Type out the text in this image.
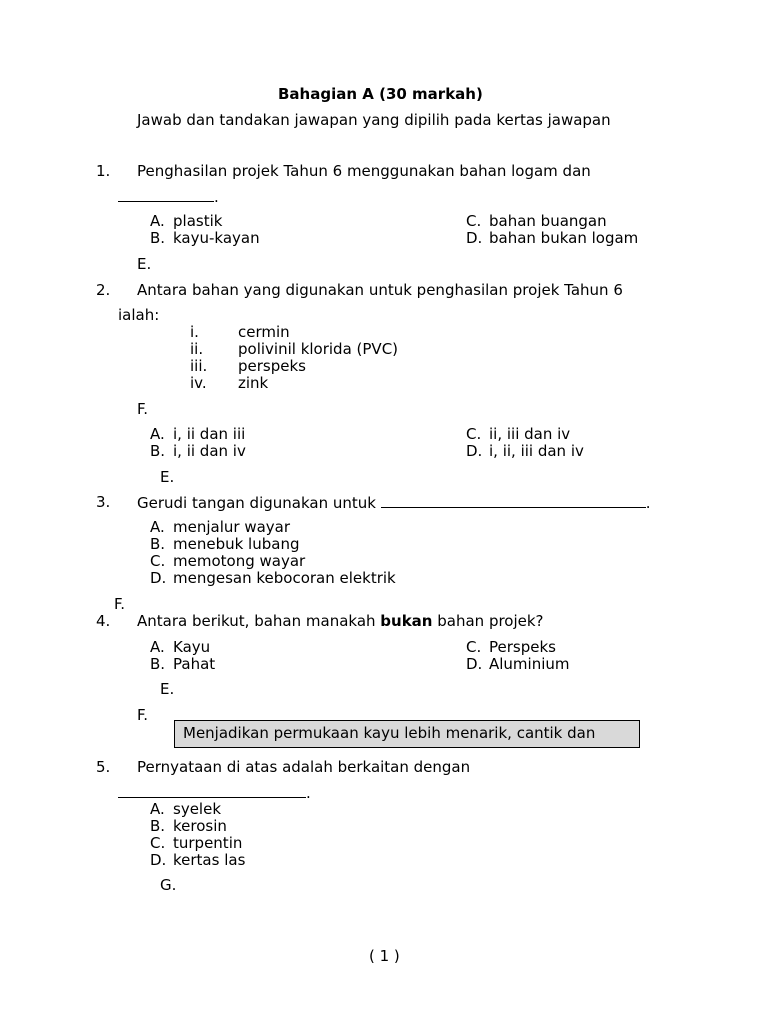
Bahagian A (30 markah)
Jawab dan tandakan jawapan yang dipilih pada kertas jawapan
1. Penghasilan projek Tahun 6 menggunakan bahan logam dan
.
A. plastik
B. kayu-kayan
C. bahan buangan
D. bahan bukan logam
E.
2. Antara bahan yang digunakan untuk penghasilan projek Tahun 6
ialah:
i.	cermin
ii. polivinil klorida (PVC)
iii. perspeks
iv. zink
F.
A. i, ii dan iii
B. i, ii dan iv
C. ii, iii dan iv
D. i, ii, iii dan iv
E.
3. Gerudi tangan digunakan untuk	.
A. menjalur wayar
B. menebuk lubang
C. memotong wayar
D. mengesan kebocoran elektrik
F.
4. Antara berikut, bahan manakah bukan bahan projek?
A. Kayu
B. Pahat
C. Perspeks
D. Aluminium
E.
F.
Menjadikan permukaan kayu lebih menarik, cantik dan
5. Pernyataan di atas adalah berkaitan dengan
.
A. syelek
B. kerosin
C. turpentin
D. kertas las
G.
( 1 )
